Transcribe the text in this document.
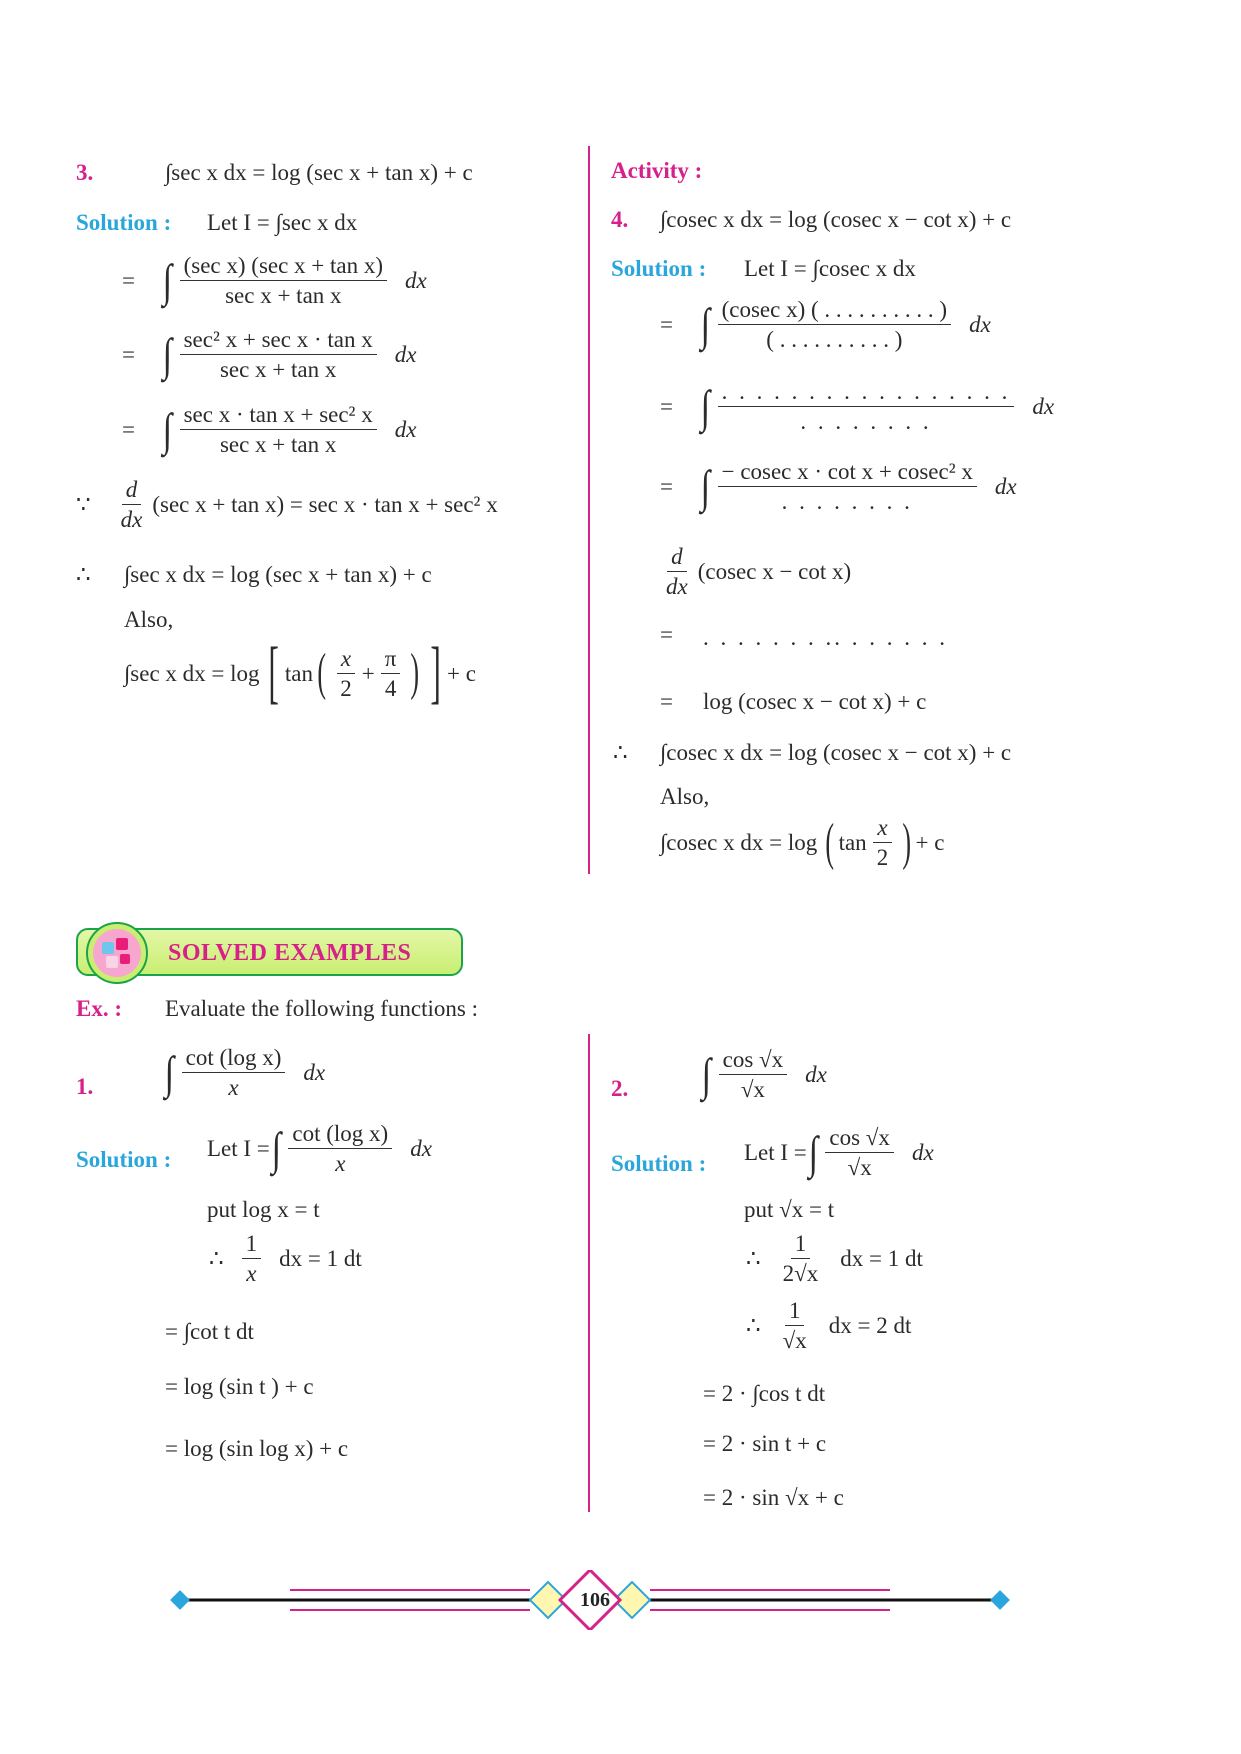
3.	∫sec x dx = log (sec x + tan x) + c
Solution : Let I = ∫sec x dx
= ∫ $\frac{\text{(sec x) (sec x + tan x)}}{\text{sec x + tan x}}$ dx
= ∫ $\frac{\text{sec² x + sec x · tan x}}{\text{sec x + tan x}}$ dx
= ∫ $\frac{\text{sec x · tan x + sec² x}}{\text{sec x + tan x}}$ dx
∵ $\frac{d}{dx} (\sec$ x + tan x) = sec x · tan x + sec² x
∴ ∫sec x dx = log (sec x + tan x) + c
Also,
∫sec x dx = log [ tan ( $\frac{x}{2} + \frac{\pi}{4}$ ) ] + c
Activity :
4. ∫cosec x dx = log (cosec x − cot x) + c
Solution : Let I = ∫cosec x dx
= ∫ $\frac{\text{(cosec x) ( . . . . . . . . . . )}}{( . . . . . . . . . . )}$ dx
= ∫ $\frac{. . . . . . . . . . . . . . . . .}{. . . . . . . .}$ dx
= ∫ $\frac{\text{− cosec x · cot x + cosec² x}}{. . . . . . . .}$ dx
$\frac{d}{dx} (cosec$ x − cot x)
= . . . . . . . .. . . . . . .
= log (cosec x − cot x) + c
∴ ∫cosec x dx = log (cosec x − cot x) + c
Also,
∫cosec x dx = log ( $\tan \frac{x}{2}$ ) + c
SOLVED EXAMPLES
Ex. : Evaluate the following functions :
1. ∫ $\frac{\text{cot (log x)}}{x}$ dx
Solution : Let I = ∫ $\frac{\text{cot (log x)}}{x}$ dx
put log x = t
∴ $\frac{1}{x}$ dx = 1 dt
= ∫cot t dt
= log (sin t ) + c
= log (sin log x) + c
2. ∫ $\frac{\cos √x}{√x}$ dx
Solution : Let I = ∫ $\frac{\cos √x}{√x}$ dx
put √x = t
∴ $\frac{1}{2√x}$ dx = 1 dt
∴ $\frac{1}{√x}$ dx = 2 dt
= 2 · ∫cos t dt
= 2 · sin t + c
= 2 · sin √x + c
106
